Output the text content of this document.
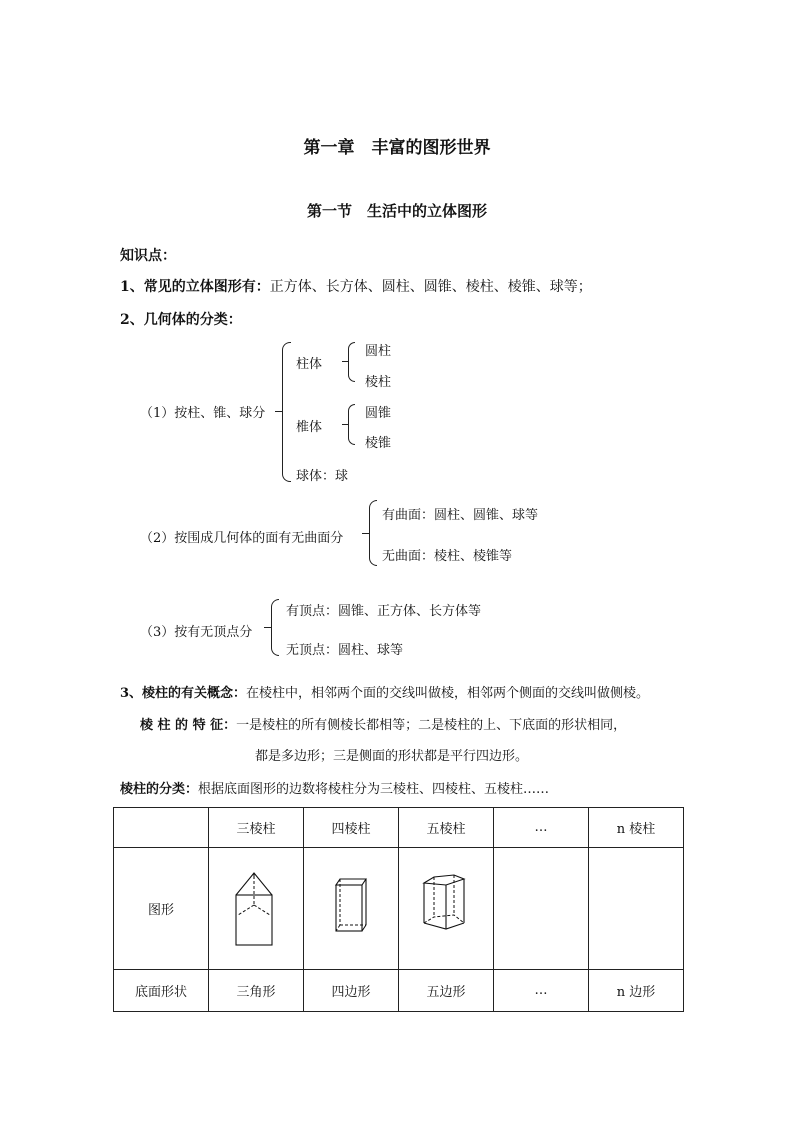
第一章　丰富的图形世界
第一节　生活中的立体图形
知识点：
1、常见的立体图形有：正方体、长方体、圆柱、圆锥、棱柱、棱锥、球等；
2、几何体的分类：
（1）按柱、锥、球分
柱体
圆柱
棱柱
椎体
圆锥
棱锥
球体：球
（2）按围成几何体的面有无曲面分
有曲面：圆柱、圆锥、球等
无曲面：棱柱、棱锥等
（3）按有无顶点分
有顶点：圆锥、正方体、长方体等
无顶点：圆柱、球等
3、棱柱的有关概念：在棱柱中，相邻两个面的交线叫做棱，相邻两个侧面的交线叫做侧棱。
棱 柱 的 特 征：一是棱柱的所有侧棱长都相等；二是棱柱的上、下底面的形状相同，
都是多边形；三是侧面的形状都是平行四边形。
棱柱的分类：根据底面图形的边数将棱柱分为三棱柱、四棱柱、五棱柱……
	三棱柱	四棱柱	五棱柱	…	n 棱柱
图形					
底面形状	三角形	四边形	五边形	…	n 边形
